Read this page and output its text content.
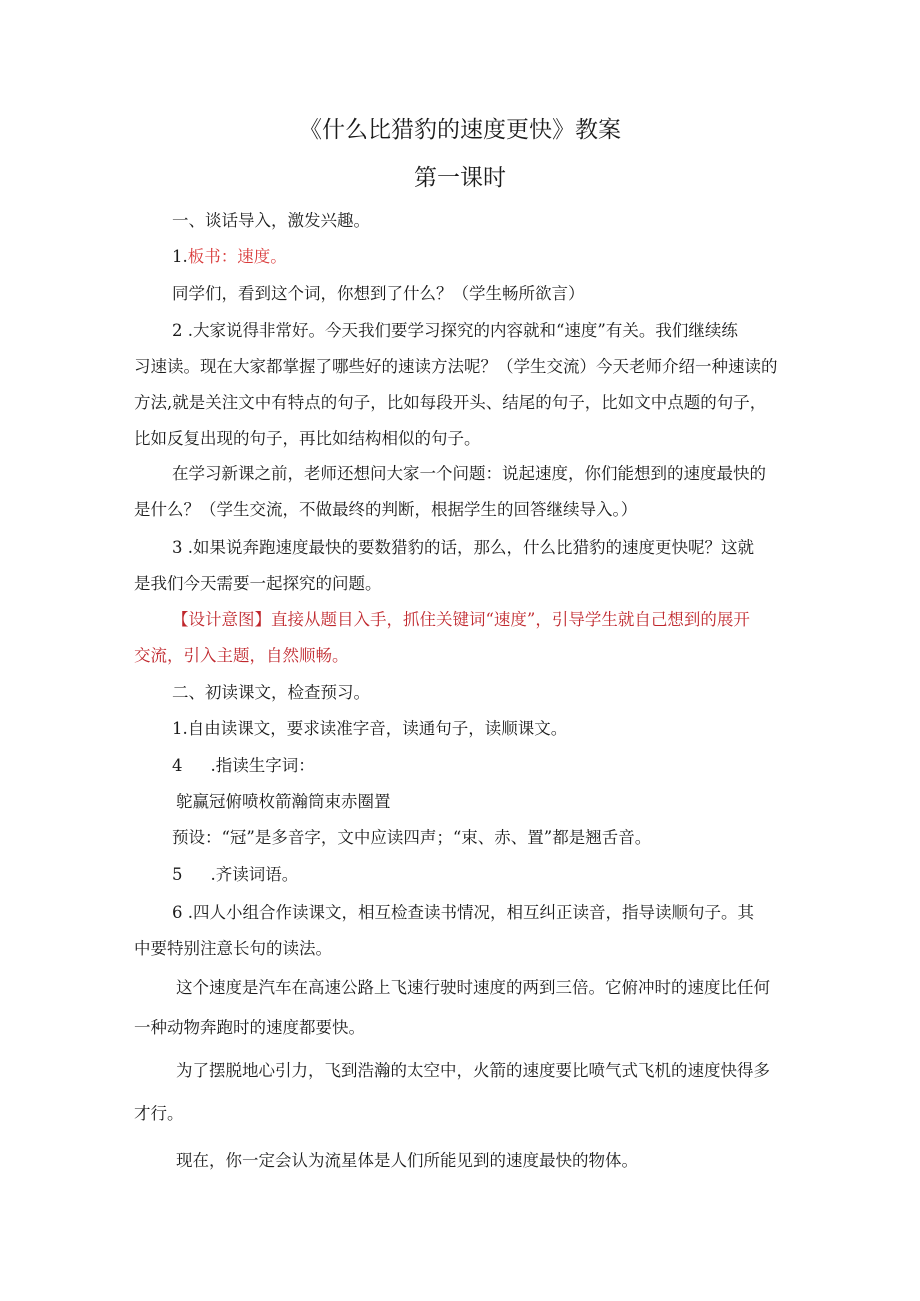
《什么比猎豹的速度更快》教案
第一课时
一、谈话导入，激发兴趣。
1.板书：速度。
同学们，看到这个词，你想到了什么？（学生畅所欲言）
2 .大家说得非常好。今天我们要学习探究的内容就和“速度”有关。我们继续练
习速读。现在大家都掌握了哪些好的速读方法呢？（学生交流）今天老师介绍一种速读的
方法,就是关注文中有特点的句子，比如每段开头、结尾的句子，比如文中点题的句子，
比如反复出现的句子，再比如结构相似的句子。
在学习新课之前，老师还想问大家一个问题：说起速度，你们能想到的速度最快的
是什么？（学生交流，不做最终的判断，根据学生的回答继续导入。）
3 .如果说奔跑速度最快的要数猎豹的话，那么，什么比猎豹的速度更快呢？这就
是我们今天需要一起探究的问题。
【设计意图】直接从题目入手，抓住关键词“速度”，引导学生就自己想到的展开
交流，引入主题，自然顺畅。
二、初读课文，检查预习。
1.自由读课文，要求读准字音，读通句子，读顺课文。
4 .指读生字词：
鸵赢冠俯喷枚箭瀚筒束赤圈置
预设：“冠”是多音字，文中应读四声；“束、赤、置”都是翘舌音。
5 .齐读词语。
6 .四人小组合作读课文，相互检查读书情况，相互纠正读音，指导读顺句子。其
中要特别注意长句的读法。
这个速度是汽车在高速公路上飞速行驶时速度的两到三倍。它俯冲时的速度比任何
一种动物奔跑时的速度都要快。
为了摆脱地心引力，飞到浩瀚的太空中，火箭的速度要比喷气式飞机的速度快得多
才行。
现在，你一定会认为流星体是人们所能见到的速度最快的物体。
